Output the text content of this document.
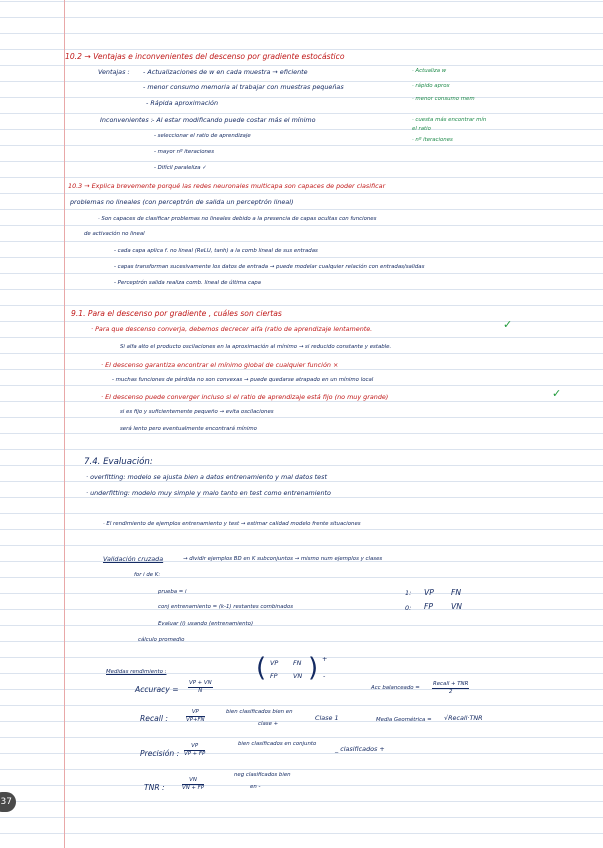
10.2 → Ventajas e inconvenientes del descenso por gradiente estocástico
Ventajas : - Actualizaciones de w en cada muestra → eficiente
- menor consumo memoria al trabajar con muestras pequeñas
- Rápida aproximación
· Actualiza w
· rápido aprox
· menor consumo mem
Inconvenientes : - Al estar modificando puede costar más el mínimo
- seleccionar el ratio de aprendizaje
- mayor nº iteraciones
- Difícil paraleliza ✓
· cuesta más encontrar mín
el ratio
· nº iteraciones
10.3 → Explica brevemente porqué las redes neuronales multicapa son capaces de poder clasificar
problemas no lineales (con perceptrón de salida un perceptrón lineal)
· Son capaces de clasificar problemas no lineales debido a la presencia de capas ocultas con funciones
de activación no lineal
- cada capa aplica f. no lineal (ReLU, tanh) a la comb lineal de sus entradas
- capas transforman sucesivamente los datos de entrada → puede modelar cualquier relación con entradas/salidas
- Perceptrón salida realiza comb. lineal de última capa
9.1. Para el descenso por gradiente , cuáles son ciertas
· Para que descenso converja, debemos decrecer alfa (ratio de aprendizaje lentamente.	✓
Si alfa alto el producto oscilaciones en la aproximación al mínimo → si reducido constante y estable.
· El descenso garantiza encontrar el mínimo global de cualquier función ×
- muchas funciones de pérdida no son convexas → puede quedarse atrapado en un mínimo local
· El descenso puede converger incluso si el ratio de aprendizaje está fijo (no muy grande)	✓
si es fijo y suficientemente pequeño → evita oscilaciones
será lento pero eventualmente encontrará mínimo
7.4. Evaluación:
· overfitting: modelo se ajusta bien a datos entrenamiento y mal datos test
· underfitting: modelo muy simple y malo tanto en test como entrenamiento
· El rendimiento de ejemplos entrenamiento y test → estimar calidad modelo frente situaciones
Validación cruzada	→ dividir ejemplos BD en K subconjuntos → mismo num ejemplos y clases
for i de K:
prueba = i
conj entrenamiento = (k-1) restantes combinados
Evaluar (i) usando (entrenamiento)
cálculo promedio
1:
0:
VP FN
FP VN
Medidas rendimiento :	( VP FN
FP VN ) +
-
Accuracy = $\frac{VP + VN}{N}$	Acc balanceado =
Recall + TNR
2
Recall :	$\frac{VP}{VP+FN}$	bien clasificados bien en
clase +
Clase 1	Media Geométrica = √Recall·TNR
Precisión : $\frac{VP}{VP + FP}$	bien clasificados en conjunto
_ clasificados +
TNR :	$\frac{VN}{VN + FP}$
neg clasificados bien
en -
37
